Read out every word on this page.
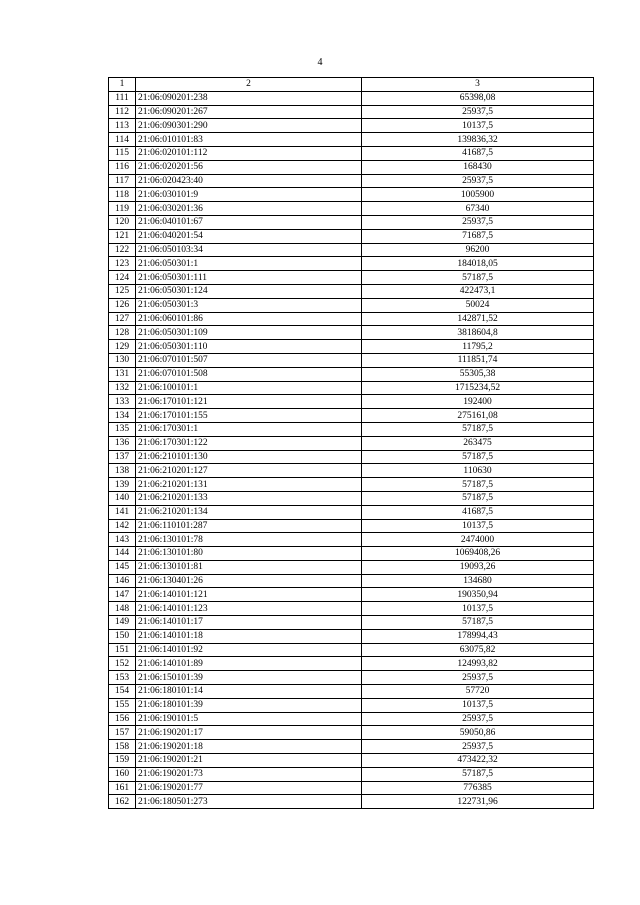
4
1	2	3
111	21:06:090201:238	65398,08
112	21:06:090201:267	25937,5
113	21:06:090301:290	10137,5
114	21:06:010101:83	139836,32
115	21:06:020101:112	41687,5
116	21:06:020201:56	168430
117	21:06:020423:40	25937,5
118	21:06:030101:9	1005900
119	21:06:030201:36	67340
120	21:06:040101:67	25937,5
121	21:06:040201:54	71687,5
122	21:06:050103:34	96200
123	21:06:050301:1	184018,05
124	21:06:050301:111	57187,5
125	21:06:050301:124	422473,1
126	21:06:050301:3	50024
127	21:06:060101:86	142871,52
128	21:06:050301:109	3818604,8
129	21:06:050301:110	11795,2
130	21:06:070101:507	111851,74
131	21:06:070101:508	55305,38
132	21:06:100101:1	1715234,52
133	21:06:170101:121	192400
134	21:06:170101:155	275161,08
135	21:06:170301:1	57187,5
136	21:06:170301:122	263475
137	21:06:210101:130	57187,5
138	21:06:210201:127	110630
139	21:06:210201:131	57187,5
140	21:06:210201:133	57187,5
141	21:06:210201:134	41687,5
142	21:06:110101:287	10137,5
143	21:06:130101:78	2474000
144	21:06:130101:80	1069408,26
145	21:06:130101:81	19093,26
146	21:06:130401:26	134680
147	21:06:140101:121	190350,94
148	21:06:140101:123	10137,5
149	21:06:140101:17	57187,5
150	21:06:140101:18	178994,43
151	21:06:140101:92	63075,82
152	21:06:140101:89	124993,82
153	21:06:150101:39	25937,5
154	21:06:180101:14	57720
155	21:06:180101:39	10137,5
156	21:06:190101:5	25937,5
157	21:06:190201:17	59050,86
158	21:06:190201:18	25937,5
159	21:06:190201:21	473422,32
160	21:06:190201:73	57187,5
161	21:06:190201:77	776385
162	21:06:180501:273	122731,96
